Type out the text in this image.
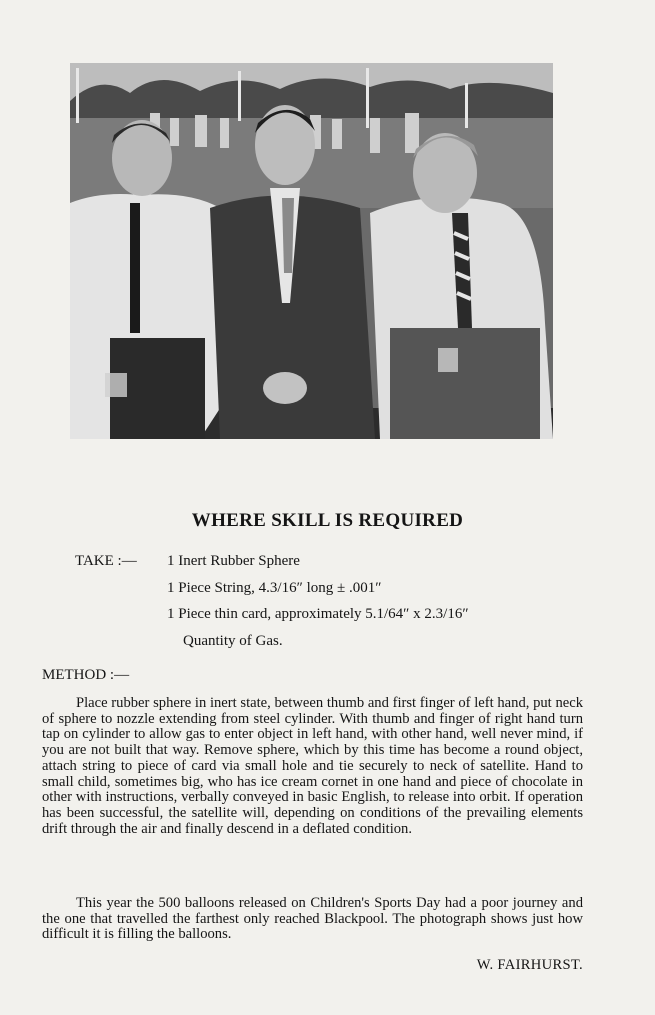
WHERE SKILL IS REQUIRED
TAKE :— 1 Inert Rubber Sphere
1 Piece String, 4.3/16″ long ± .001″
1 Piece thin card, approximately 5.1/64″ x 2.3/16″
Quantity of Gas.
METHOD :—

Place rubber sphere in inert state, between thumb and first finger of left hand, put neck of sphere to nozzle extending from steel cylinder. With thumb and finger of right hand turn tap on cylinder to allow gas to enter object in left hand, with other hand, well never mind, if you are not built that way. Remove sphere, which by this time has become a round object, attach string to piece of card via small hole and tie securely to neck of satellite. Hand to small child, sometimes big, who has ice cream cornet in one hand and piece of chocolate in other with instructions, verbally conveyed in basic English, to release into orbit. If operation has been successful, the satellite will, depending on conditions of the prevailing elements drift through the air and finally descend in a deflated condition.

This year the 500 balloons released on Children's Sports Day had a poor journey and the one that travelled the farthest only reached Blackpool. The photograph shows just how difficult it is filling the balloons.

W. FAIRHURST.
